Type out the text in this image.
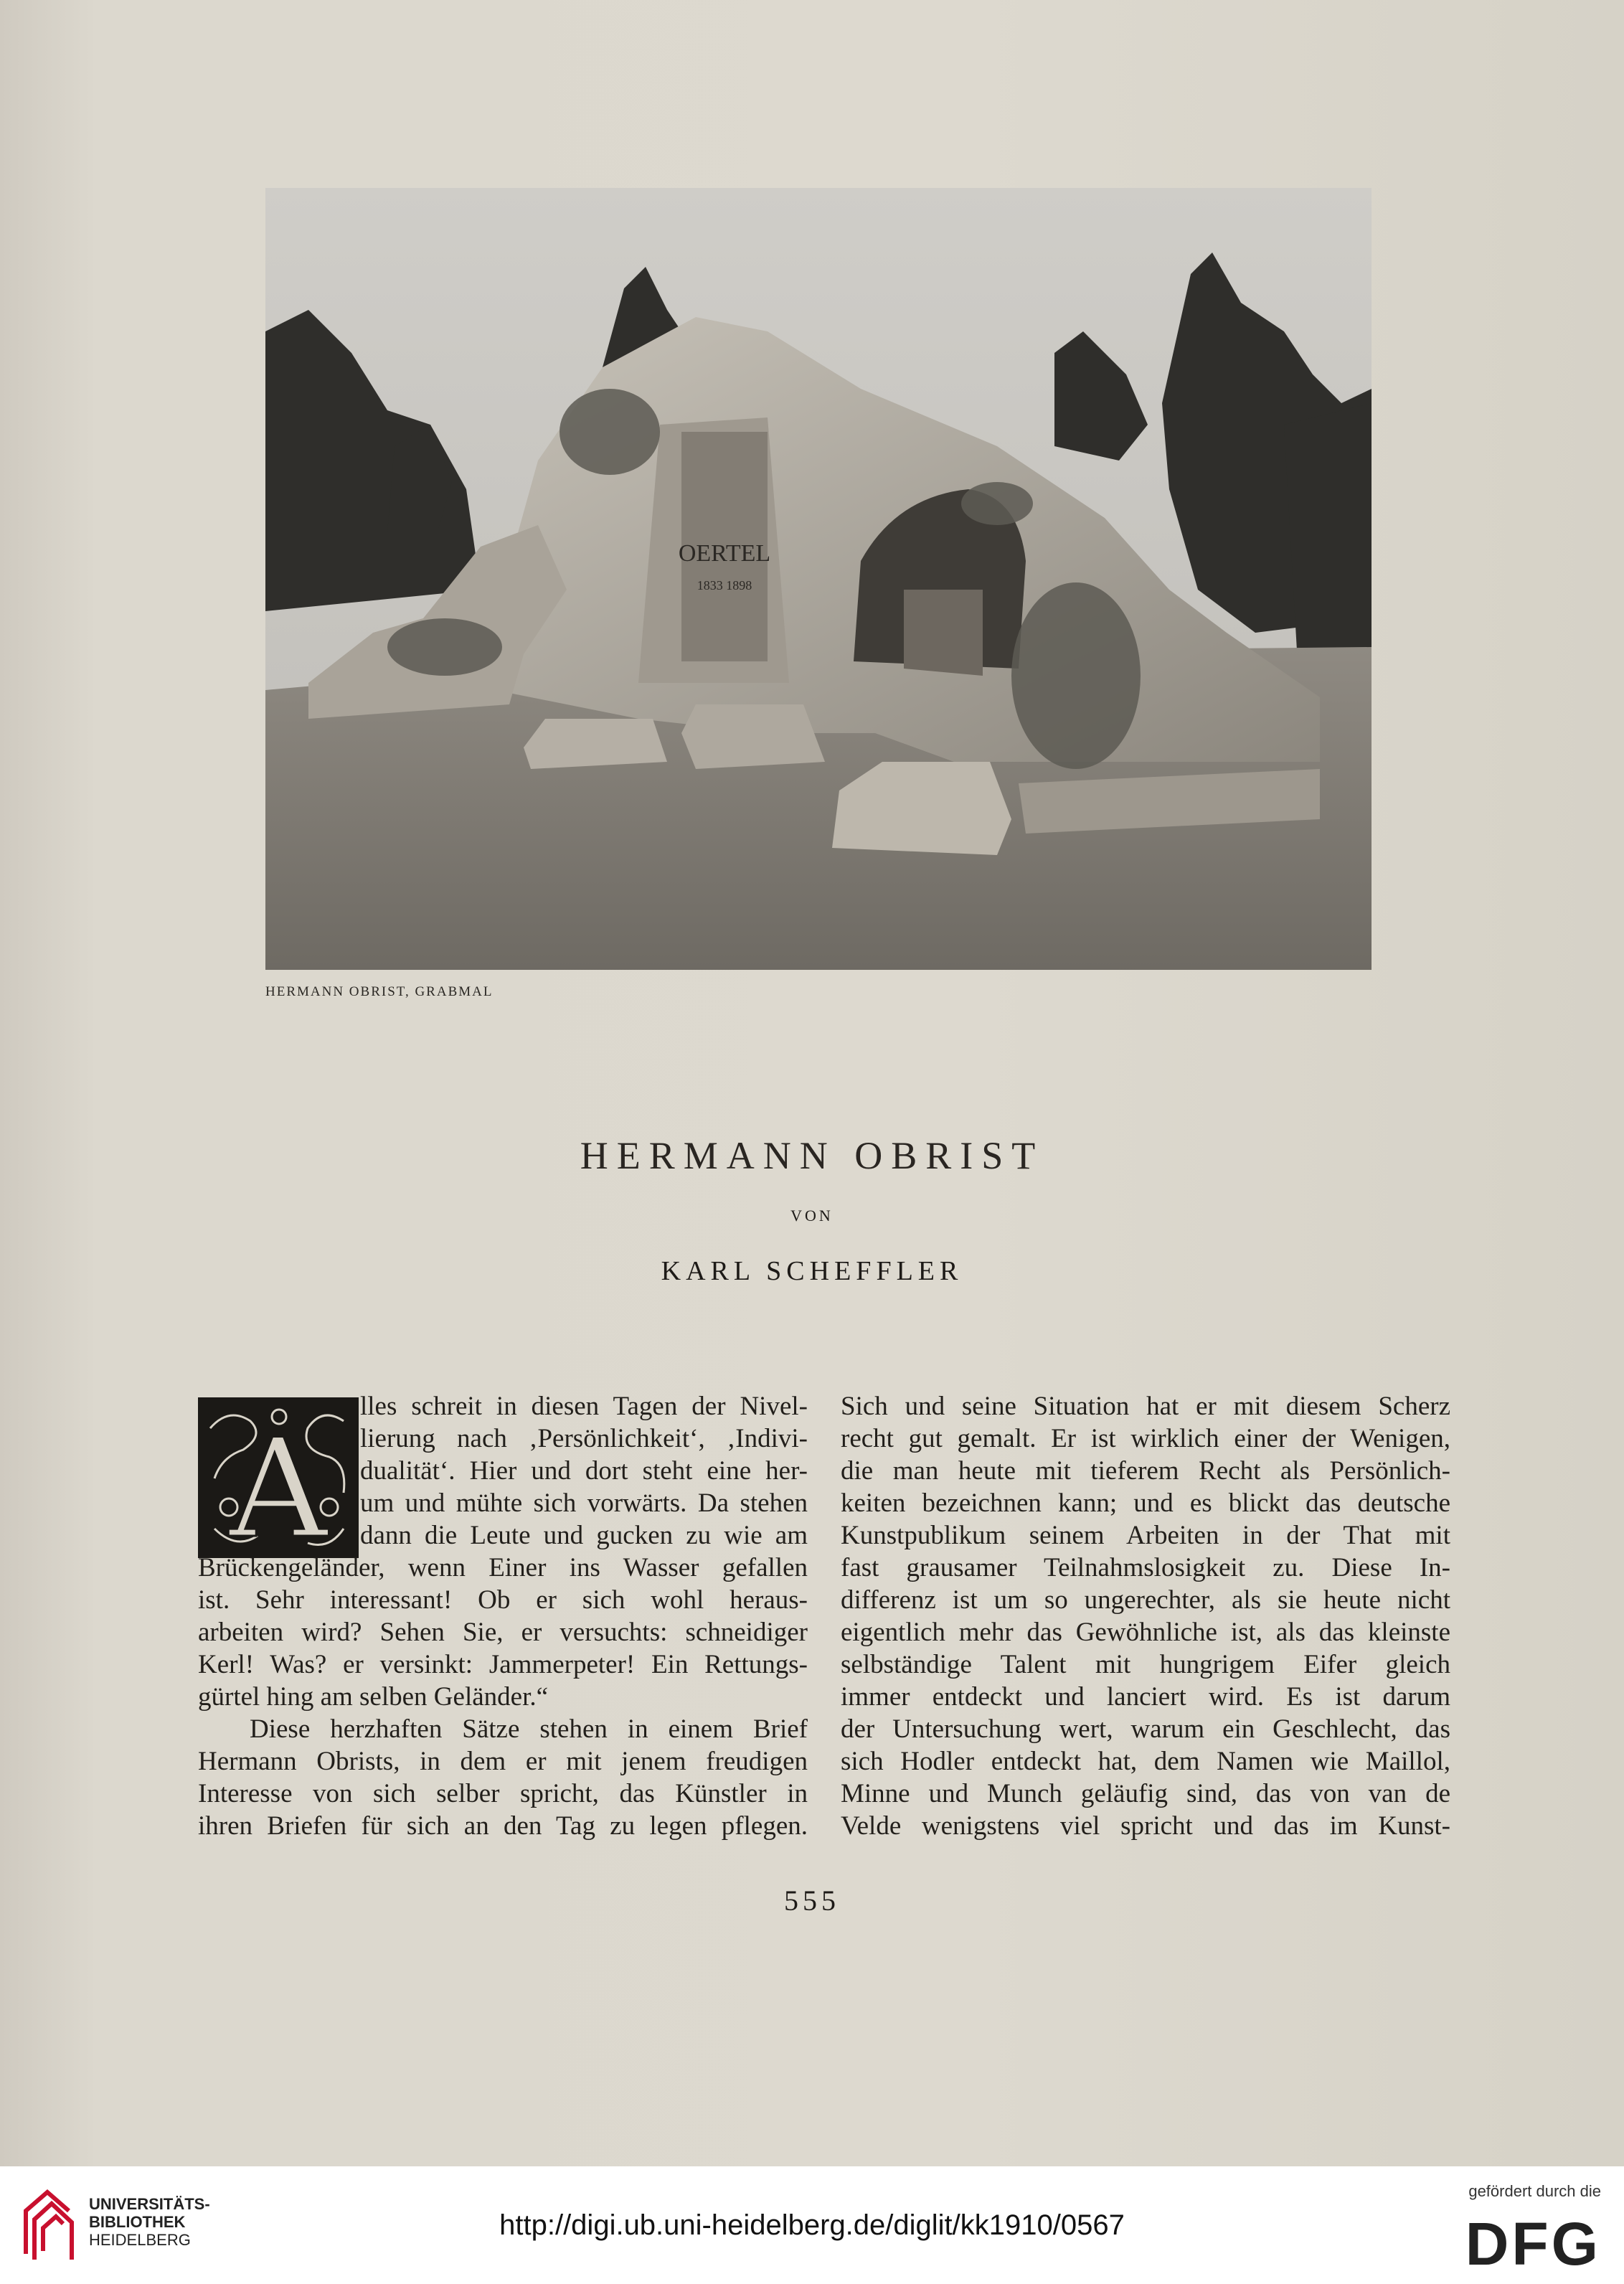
OERTEL
1833 1898
HERMANN OBRIST, GRABMAL
HERMANN OBRIST
VON
KARL SCHEFFLER
A
lles schreit in diesen Tagen der Nivel-
lierung nach ‚Persönlichkeit‘, ‚Indivi-
dualität‘. Hier und dort steht eine her-
um und mühte sich vorwärts. Da stehen
dann die Leute und gucken zu wie am
Brückengeländer, wenn Einer ins Wasser gefallen
ist. Sehr interessant! Ob er sich wohl heraus-
arbeiten wird? Sehen Sie, er versuchts: schneidiger
Kerl! Was? er versinkt: Jammerpeter! Ein Rettungs-
gürtel hing am selben Geländer.“
Diese herzhaften Sätze stehen in einem Brief
Hermann Obrists, in dem er mit jenem freudigen
Interesse von sich selber spricht, das Künstler in
ihren Briefen für sich an den Tag zu legen pflegen.
Sich und seine Situation hat er mit diesem Scherz
recht gut gemalt. Er ist wirklich einer der Wenigen,
die man heute mit tieferem Recht als Persönlich-
keiten bezeichnen kann; und es blickt das deutsche
Kunstpublikum seinem Arbeiten in der That mit
fast grausamer Teilnahmslosigkeit zu. Diese In-
differenz ist um so ungerechter, als sie heute nicht
eigentlich mehr das Gewöhnliche ist, als das kleinste
selbständige Talent mit hungrigem Eifer gleich
immer entdeckt und lanciert wird. Es ist darum
der Untersuchung wert, warum ein Geschlecht, das
sich Hodler entdeckt hat, dem Namen wie Maillol,
Minne und Munch geläufig sind, das von van de
Velde wenigstens viel spricht und das im Kunst-
555
UNIVERSITÄTS-
BIBLIOTHEK
HEIDELBERG	http://digi.ub.uni-heidelberg.de/diglit/kk1910/0567
gefördert durch die
DFG
